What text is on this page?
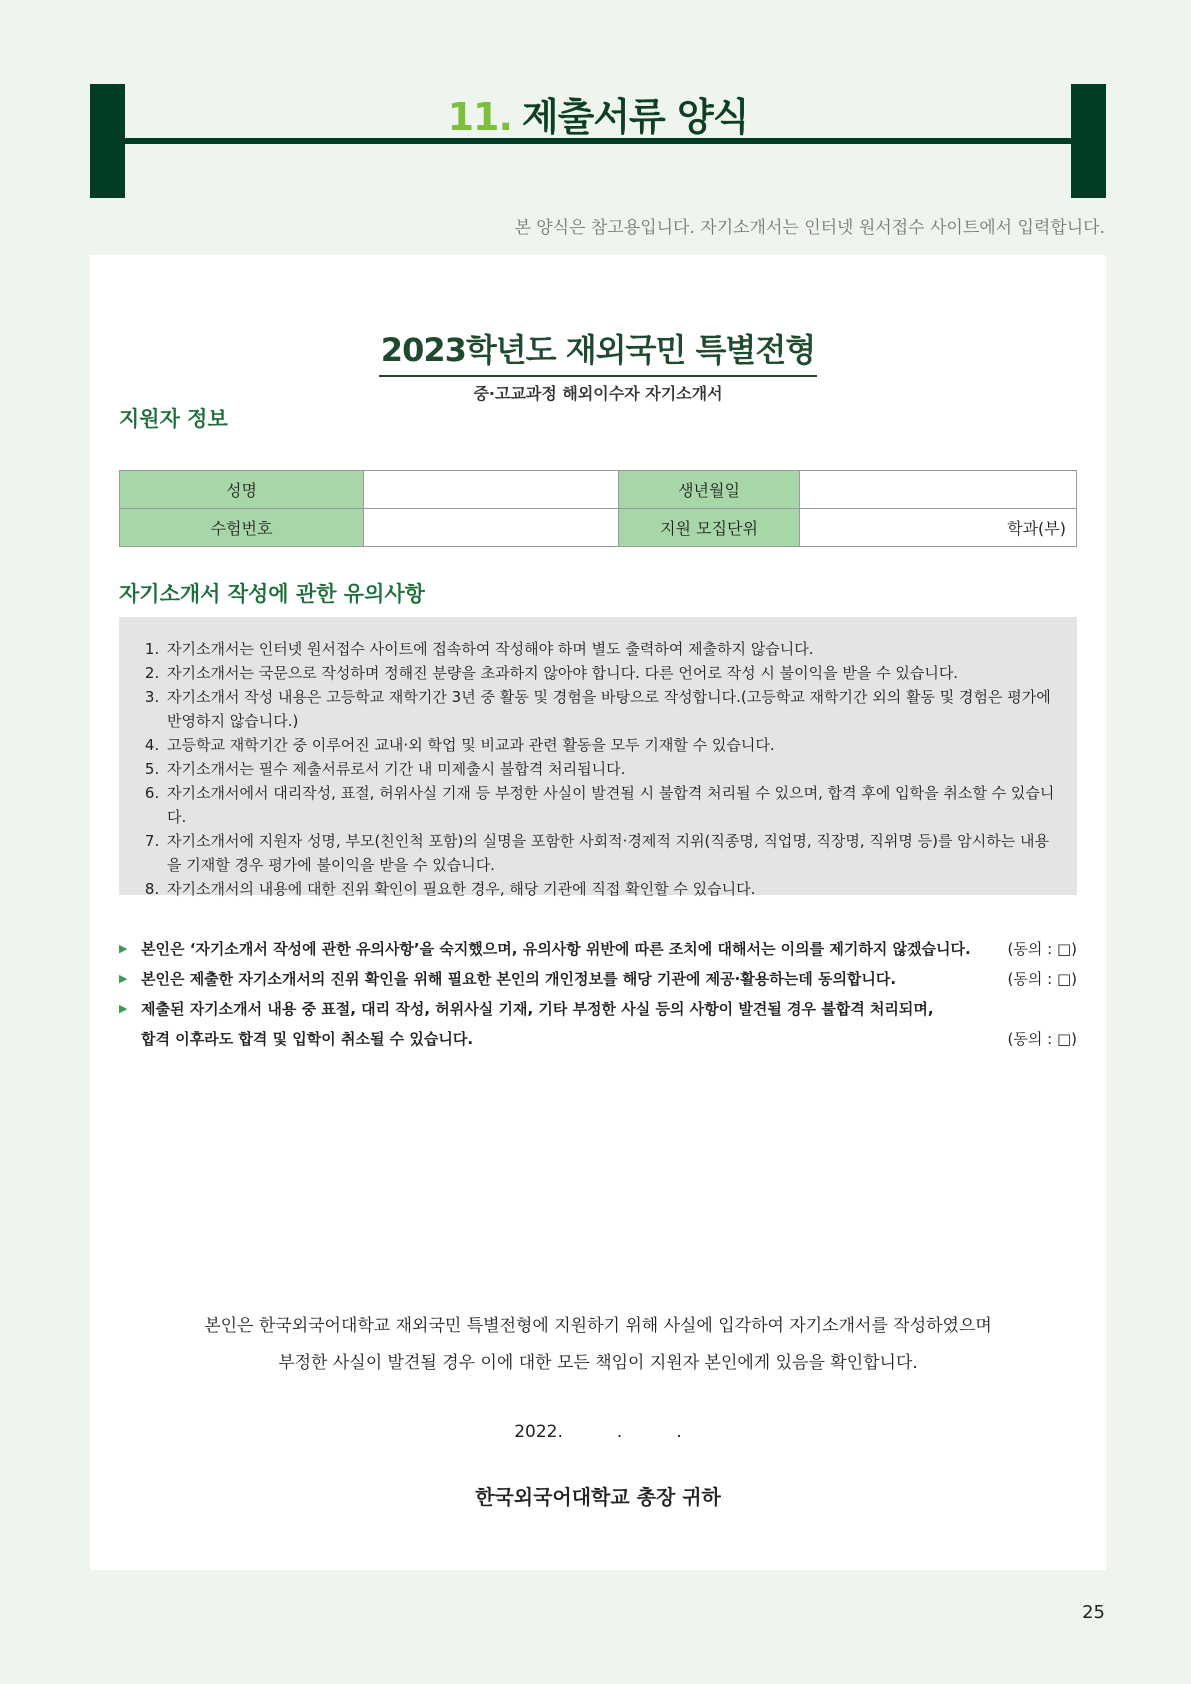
11. 제출서류 양식
본 양식은 참고용입니다. 자기소개서는 인터넷 원서접수 사이트에서 입력합니다.
2023학년도 재외국민 특별전형
중·고교과정 해외이수자 자기소개서
지원자 정보
성명		생년월일	
수험번호		지원 모집단위	학과(부)
자기소개서 작성에 관한 유의사항
1. 자기소개서는 인터넷 원서접수 사이트에 접속하여 작성해야 하며 별도 출력하여 제출하지 않습니다.
2. 자기소개서는 국문으로 작성하며 정해진 분량을 초과하지 않아야 합니다. 다른 언어로 작성 시 불이익을 받을 수 있습니다.
3. 자기소개서 작성 내용은 고등학교 재학기간 3년 중 활동 및 경험을 바탕으로 작성합니다.(고등학교 재학기간 외의 활동 및 경험은 평가에 반영하지 않습니다.)
4. 고등학교 재학기간 중 이루어진 교내·외 학업 및 비교과 관련 활동을 모두 기재할 수 있습니다.
5. 자기소개서는 필수 제출서류로서 기간 내 미제출시 불합격 처리됩니다.
6. 자기소개서에서 대리작성, 표절, 허위사실 기재 등 부정한 사실이 발견될 시 불합격 처리될 수 있으며, 합격 후에 입학을 취소할 수 있습니다.
7. 자기소개서에 지원자 성명, 부모(친인척 포함)의 실명을 포함한 사회적·경제적 지위(직종명, 직업명, 직장명, 직위명 등)를 암시하는 내용을 기재할 경우 평가에 불이익을 받을 수 있습니다.
8. 자기소개서의 내용에 대한 진위 확인이 필요한 경우, 해당 기관에 직접 확인할 수 있습니다.
▶ 본인은 ‘자기소개서 작성에 관한 유의사항’을 숙지했으며, 유의사항 위반에 따른 조치에 대해서는 이의를 제기하지 않겠습니다. (동의 : □)
▶ 본인은 제출한 자기소개서의 진위 확인을 위해 필요한 본인의 개인정보를 해당 기관에 제공·활용하는데 동의합니다.	(동의 : □)
▶ 제출된 자기소개서 내용 중 표절, 대리 작성, 허위사실 기재, 기타 부정한 사실 등의 사항이 발견될 경우 불합격 처리되며,
합격 이후라도 합격 및 입학이 취소될 수 있습니다.	(동의 : □)
본인은 한국외국어대학교 재외국민 특별전형에 지원하기 위해 사실에 입각하여 자기소개서를 작성하였으며
부정한 사실이 발견될 경우 이에 대한 모든 책임이 지원자 본인에게 있음을 확인합니다.
2022.          .          .
한국외국어대학교 총장 귀하
25
